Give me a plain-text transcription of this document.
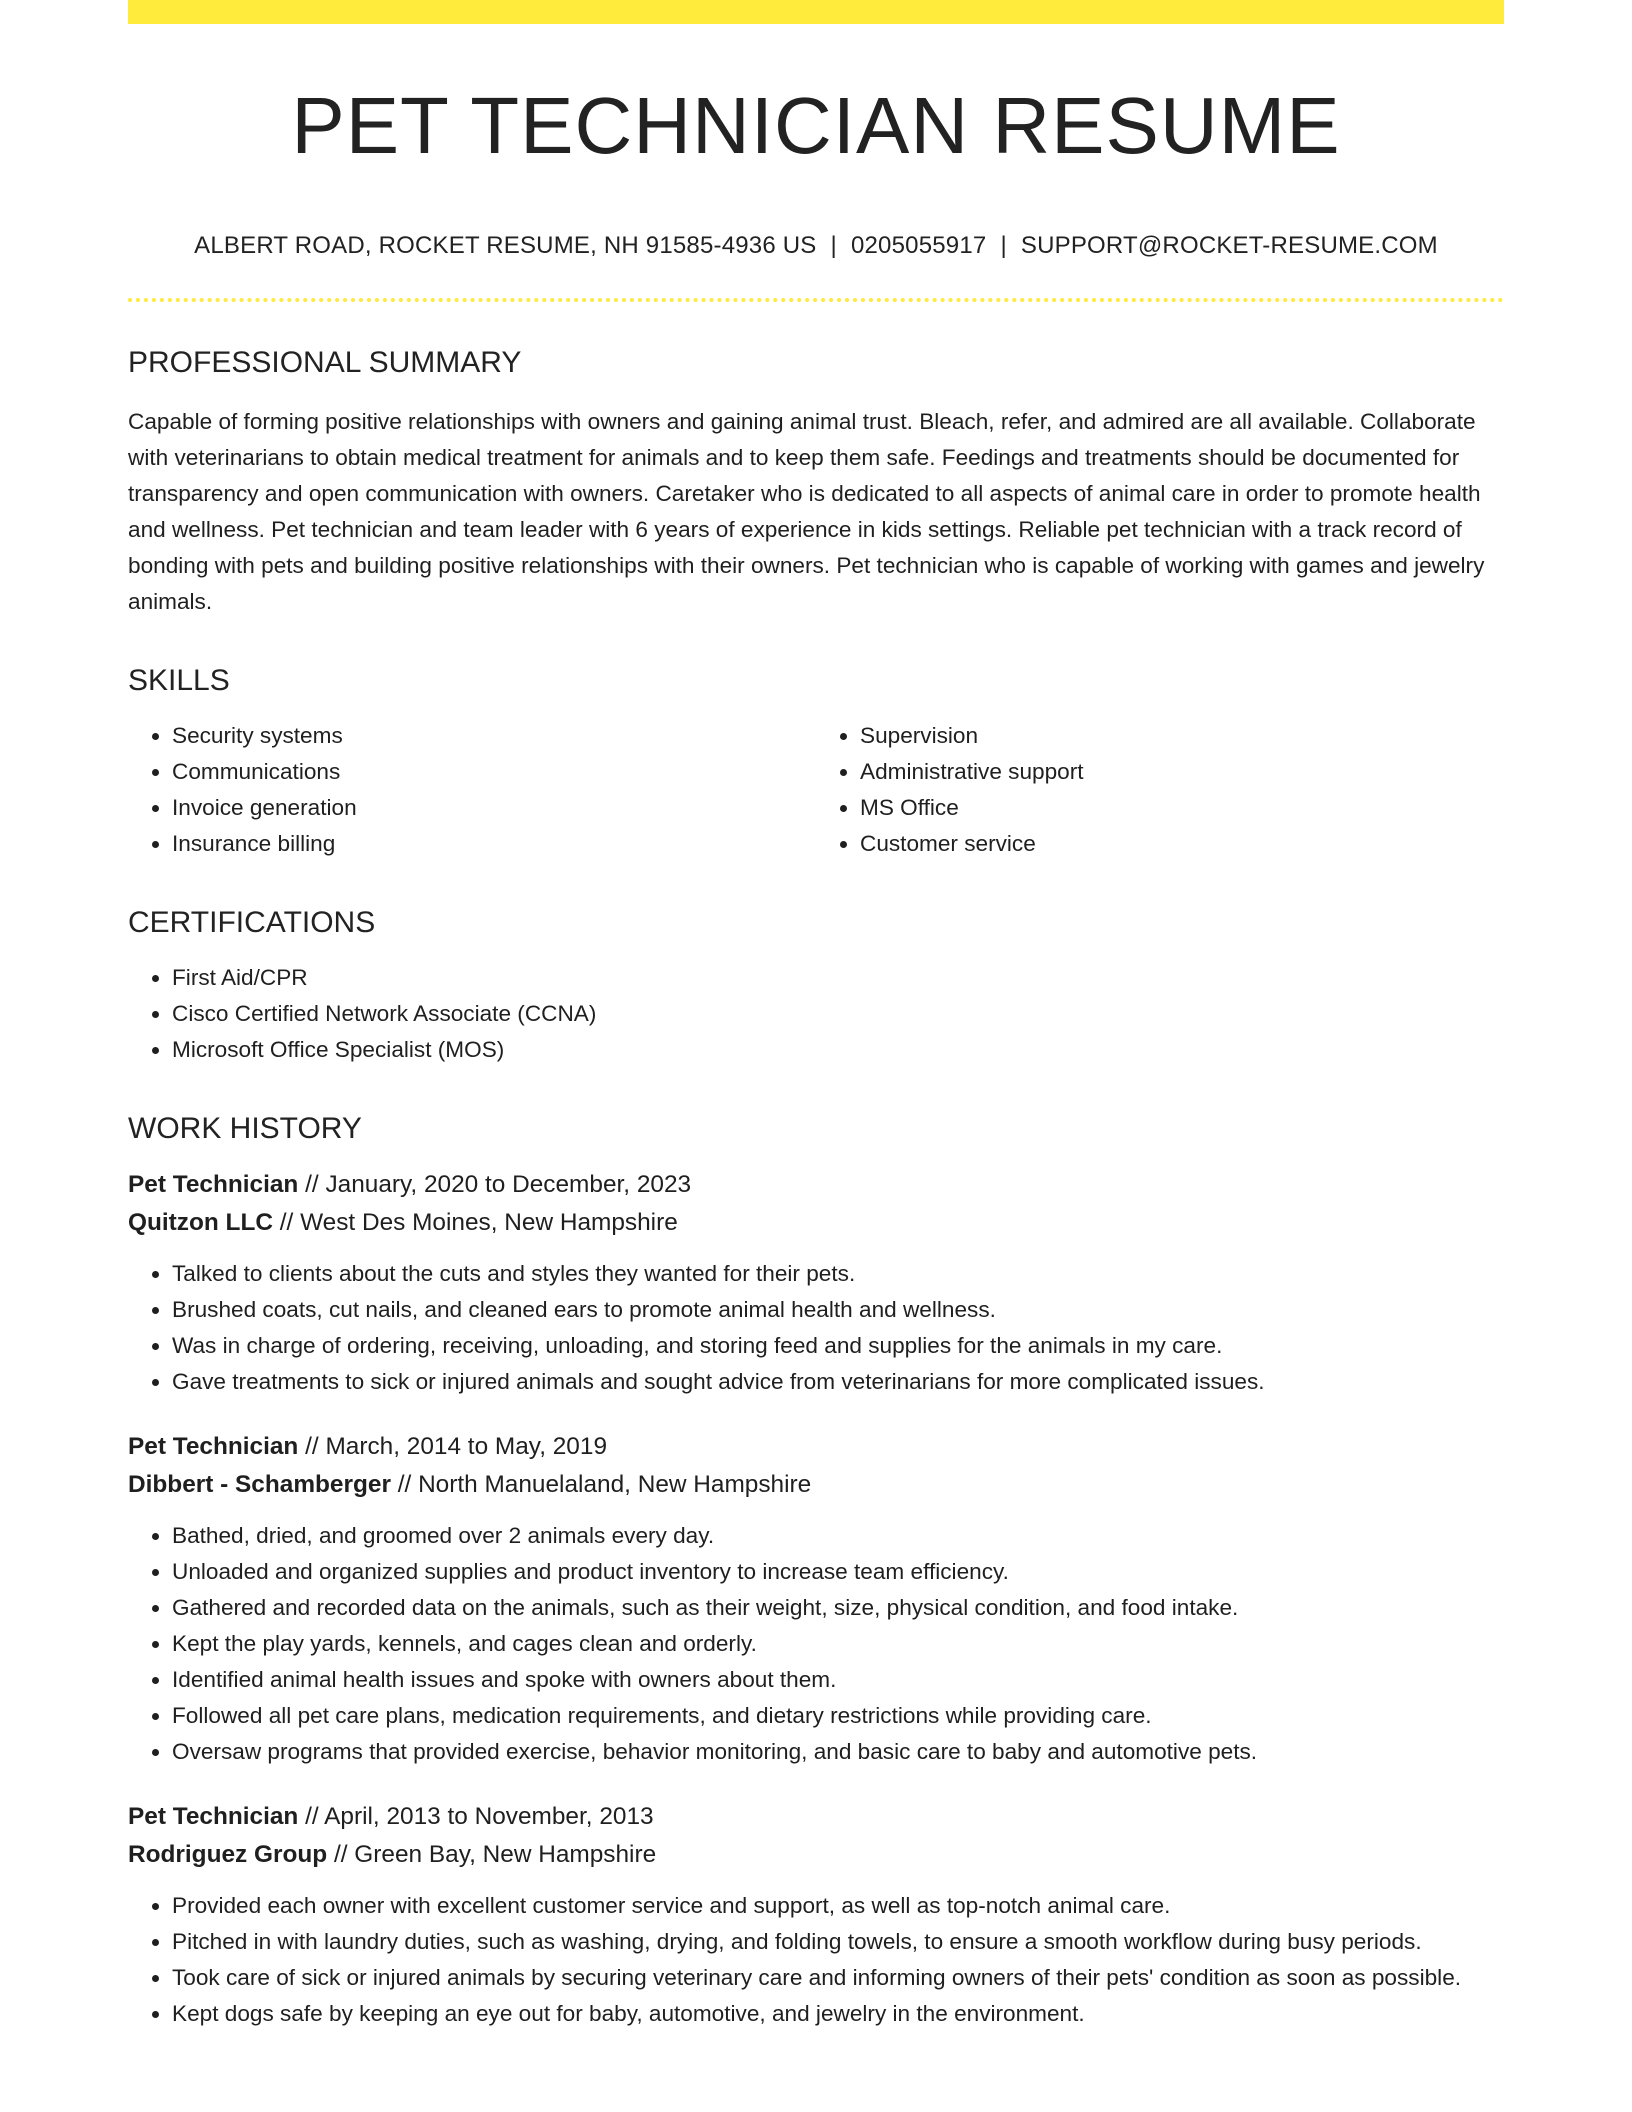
PET TECHNICIAN RESUME
ALBERT ROAD, ROCKET RESUME, NH 91585-4936 US | 0205055917 | SUPPORT@ROCKET-RESUME.COM
PROFESSIONAL SUMMARY

Capable of forming positive relationships with owners and gaining animal trust. Bleach, refer, and admired are all available. Collaborate with veterinarians to obtain medical treatment for animals and to keep them safe. Feedings and treatments should be documented for transparency and open communication with owners. Caretaker who is dedicated to all aspects of animal care in order to promote health and wellness. Pet technician and team leader with 6 years of experience in kids settings. Reliable pet technician with a track record of bonding with pets and building positive relationships with their owners. Pet technician who is capable of working with games and jewelry animals.

SKILLS
• Security systems
• Communications
• Invoice generation
• Insurance billing
• Supervision
• Administrative support
• MS Office
• Customer service
CERTIFICATIONS
• First Aid/CPR
• Cisco Certified Network Associate (CCNA)
• Microsoft Office Specialist (MOS)
WORK HISTORY
Pet Technician // January, 2020 to December, 2023
Quitzon LLC // West Des Moines, New Hampshire
• Talked to clients about the cuts and styles they wanted for their pets.
• Brushed coats, cut nails, and cleaned ears to promote animal health and wellness.
• Was in charge of ordering, receiving, unloading, and storing feed and supplies for the animals in my care.
• Gave treatments to sick or injured animals and sought advice from veterinarians for more complicated issues.
Pet Technician // March, 2014 to May, 2019
Dibbert - Schamberger // North Manuelaland, New Hampshire
• Bathed, dried, and groomed over 2 animals every day.
• Unloaded and organized supplies and product inventory to increase team efficiency.
• Gathered and recorded data on the animals, such as their weight, size, physical condition, and food intake.
• Kept the play yards, kennels, and cages clean and orderly.
• Identified animal health issues and spoke with owners about them.
• Followed all pet care plans, medication requirements, and dietary restrictions while providing care.
• Oversaw programs that provided exercise, behavior monitoring, and basic care to baby and automotive pets.
Pet Technician // April, 2013 to November, 2013
Rodriguez Group // Green Bay, New Hampshire
• Provided each owner with excellent customer service and support, as well as top-notch animal care.
• Pitched in with laundry duties, such as washing, drying, and folding towels, to ensure a smooth workflow during busy periods.
• Took care of sick or injured animals by securing veterinary care and informing owners of their pets' condition as soon as possible.
• Kept dogs safe by keeping an eye out for baby, automotive, and jewelry in the environment.
